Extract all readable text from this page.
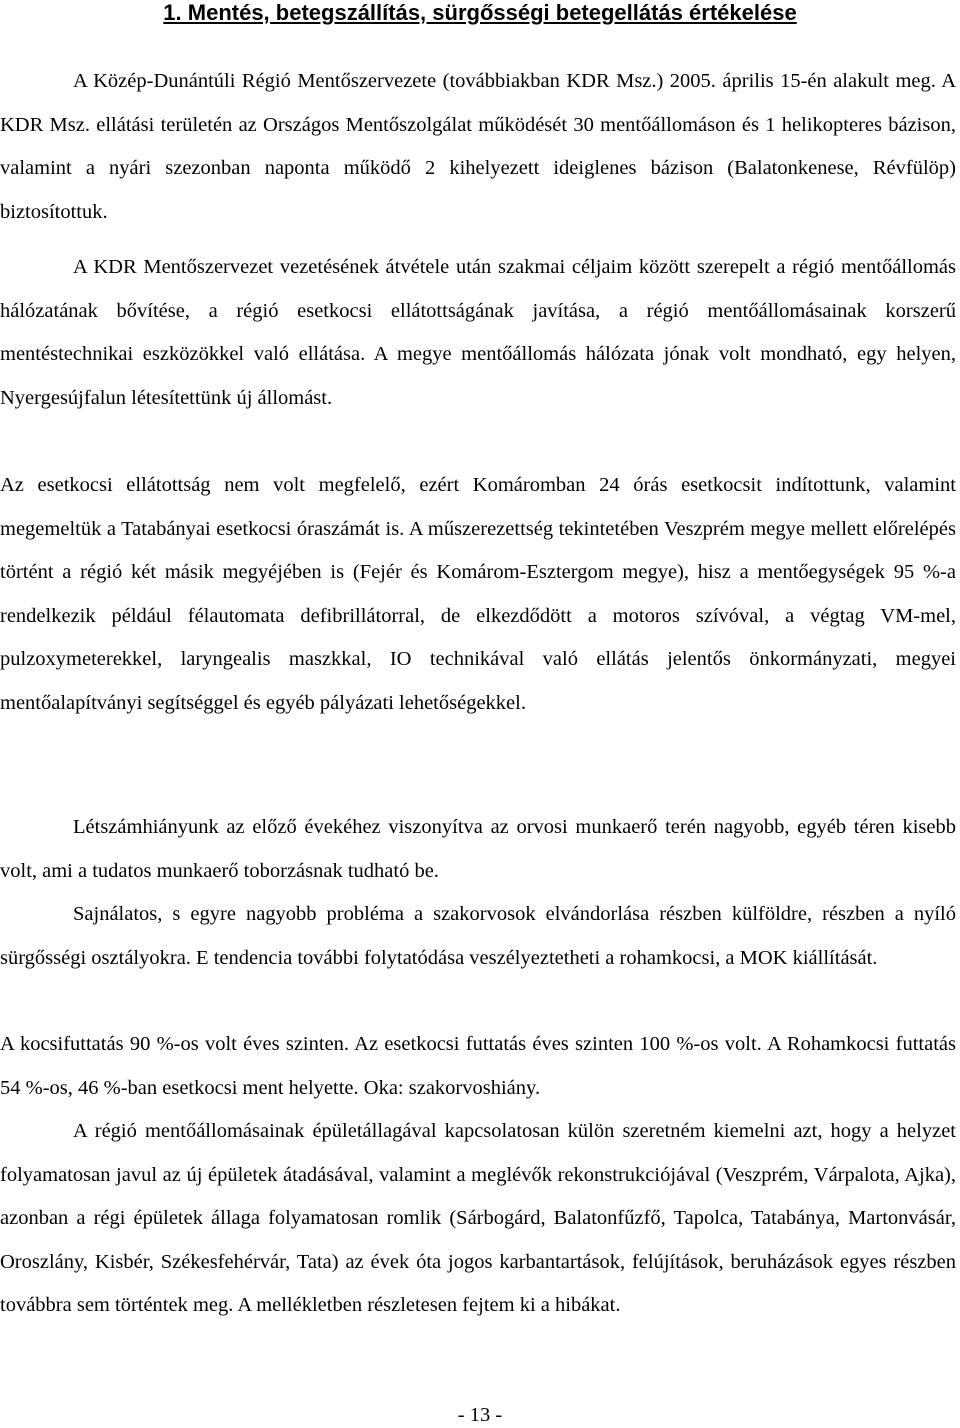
1. Mentés, betegszállítás, sürgősségi betegellátás értékelése

A Közép-Dunántúli Régió Mentőszervezete (továbbiakban KDR Msz.) 2005. április 15-én alakult meg. A KDR Msz. ellátási területén az Országos Mentőszolgálat működését 30 mentőállomáson és 1 helikopteres bázison, valamint a nyári szezonban naponta működő 2 kihelyezett ideiglenes bázison (Balatonkenese, Révfülöp) biztosítottuk.

A KDR Mentőszervezet vezetésének átvétele után szakmai céljaim között szerepelt a régió mentőállomás hálózatának bővítése, a régió esetkocsi ellátottságának javítása, a régió mentőállomásainak korszerű mentéstechnikai eszközökkel való ellátása. A megye mentőállomás hálózata jónak volt mondható, egy helyen, Nyergesújfalun létesítettünk új állomást.

Az esetkocsi ellátottság nem volt megfelelő, ezért Komáromban 24 órás esetkocsit indítottunk, valamint megemeltük a Tatabányai esetkocsi óraszámát is. A műszerezettség tekintetében Veszprém megye mellett előrelépés történt a régió két másik megyéjében is (Fejér és Komárom-Esztergom megye), hisz a mentőegységek 95 %-a rendelkezik például félautomata defibrillátorral, de elkezdődött a motoros szívóval, a végtag VM-mel, pulzoxymeterekkel, laryngealis maszkkal, IO technikával való ellátás jelentős önkormányzati, megyei mentőalapítványi segítséggel és egyéb pályázati lehetőségekkel.

Létszámhiányunk az előző évekéhez viszonyítva az orvosi munkaerő terén nagyobb, egyéb téren kisebb volt, ami a tudatos munkaerő toborzásnak tudható be.

Sajnálatos, s egyre nagyobb probléma a szakorvosok elvándorlása részben külföldre, részben a nyíló sürgősségi osztályokra. E tendencia további folytatódása veszélyeztetheti a rohamkocsi, a MOK kiállítását.

A kocsifuttatás 90 %-os volt éves szinten. Az esetkocsi futtatás éves szinten 100 %-os volt. A Rohamkocsi futtatás 54 %-os, 46 %-ban esetkocsi ment helyette. Oka: szakorvoshiány.

A régió mentőállomásainak épületállagával kapcsolatosan külön szeretném kiemelni azt, hogy a helyzet folyamatosan javul az új épületek átadásával, valamint a meglévők rekonstrukciójával (Veszprém, Várpalota, Ajka), azonban a régi épületek állaga folyamatosan romlik (Sárbogárd, Balatonfűzfő, Tapolca, Tatabánya, Martonvásár, Oroszlány, Kisbér, Székesfehérvár, Tata) az évek óta jogos karbantartások, felújítások, beruházások egyes részben továbbra sem történtek meg. A mellékletben részletesen fejtem ki a hibákat.

- 13 -
